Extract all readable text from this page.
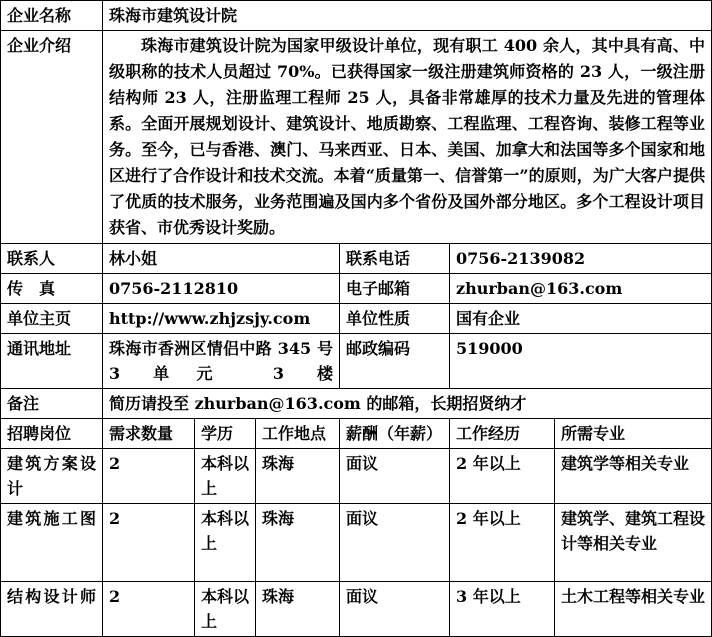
企业名称	珠海市建筑设计院					
企业介绍	珠海市建筑设计院为国家甲级设计单位，现有职工 400 余人，其中具有高、中级职称的技术人员超过 70%。已获得国家一级注册建筑师资格的 23 人，一级注册结构师 23 人，注册监理工程师 25 人，具备非常雄厚的技术力量及先进的管理体系。全面开展规划设计、建筑设计、地质勘察、工程监理、工程咨询、装修工程等业务。至今，已与香港、澳门、马来西亚、日本、美国、加拿大和法国等多个国家和地区进行了合作设计和技术交流。本着“质量第一、信誉第一”的原则，为广大客户提供了优质的技术服务，业务范围遍及国内多个省份及国外部分地区。多个工程设计项目获省、市优秀设计奖励。					
联系人	林小姐			联系电话	0756-2139082	
传　真	0756-2112810			电子邮箱	zhurban@163.com	
单位主页	http://www.zhjzsjy.com			单位性质	国有企业	
通讯地址	珠海市香洲区情侣中路 345 号 3 单元 3 楼			邮政编码	519000	
备注	简历请投至 zhurban@163.com 的邮箱，长期招贤纳才					
招聘岗位	需求数量	学历	工作地点	薪酬（年薪）	工作经历	所需专业
建筑方案设计	2	本科以上	珠海	面议	2 年以上	建筑学等相关专业
建筑施工图	2	本科以上	珠海	面议	2 年以上	建筑学、建筑工程设计等相关专业
结构设计师	2	本科以上	珠海	面议	3 年以上	土木工程等相关专业
